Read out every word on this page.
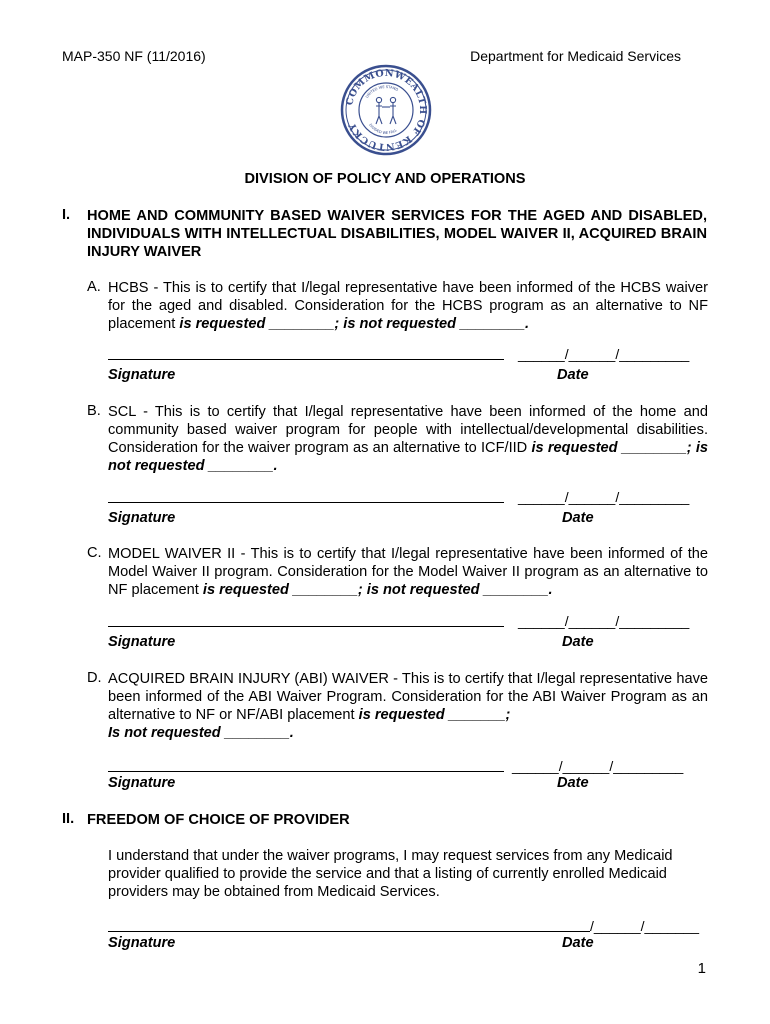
MAP-350 NF (11/2016)	Department for Medicaid Services
COMMONWEALTH OF KENTUCKY
UNITED WE STAND
DIVIDED WE FALL
DIVISION OF POLICY AND OPERATIONS
I. HOME AND COMMUNITY BASED WAIVER SERVICES FOR THE AGED AND DISABLED, INDIVIDUALS WITH INTELLECTUAL DISABILITIES, MODEL WAIVER II, ACQUIRED BRAIN INJURY WAIVER
A. HCBS - This is to certify that I/legal representative have been informed of the HCBS waiver for the aged and disabled. Consideration for the HCBS program as an alternative to NF placement is requested ________; is not requested ________.
______/______/_________
Signature	Date
B. SCL - This is to certify that I/legal representative have been informed of the home and community based waiver program for people with intellectual/developmental disabilities. Consideration for the waiver program as an alternative to ICF/IID is requested ________; is not requested ________.
______/______/_________
Signature	Date
C. MODEL WAIVER II - This is to certify that I/legal representative have been informed of the Model Waiver II program. Consideration for the Model Waiver II program as an alternative to NF placement is requested ________; is not requested ________.
______/______/_________
Signature	Date
D. ACQUIRED BRAIN INJURY (ABI) WAIVER - This is to certify that I/legal representative have been informed of the ABI Waiver Program. Consideration for the ABI Waiver Program as an alternative to NF or NF/ABI placement is requested _______;
Is not requested ________.
______/______/_________
Signature	Date
II. FREEDOM OF CHOICE OF PROVIDER
I understand that under the waiver programs, I may request services from any Medicaid provider qualified to provide the service and that a listing of currently enrolled Medicaid providers may be obtained from Medicaid Services.
/______/_______
Signature	Date
1
